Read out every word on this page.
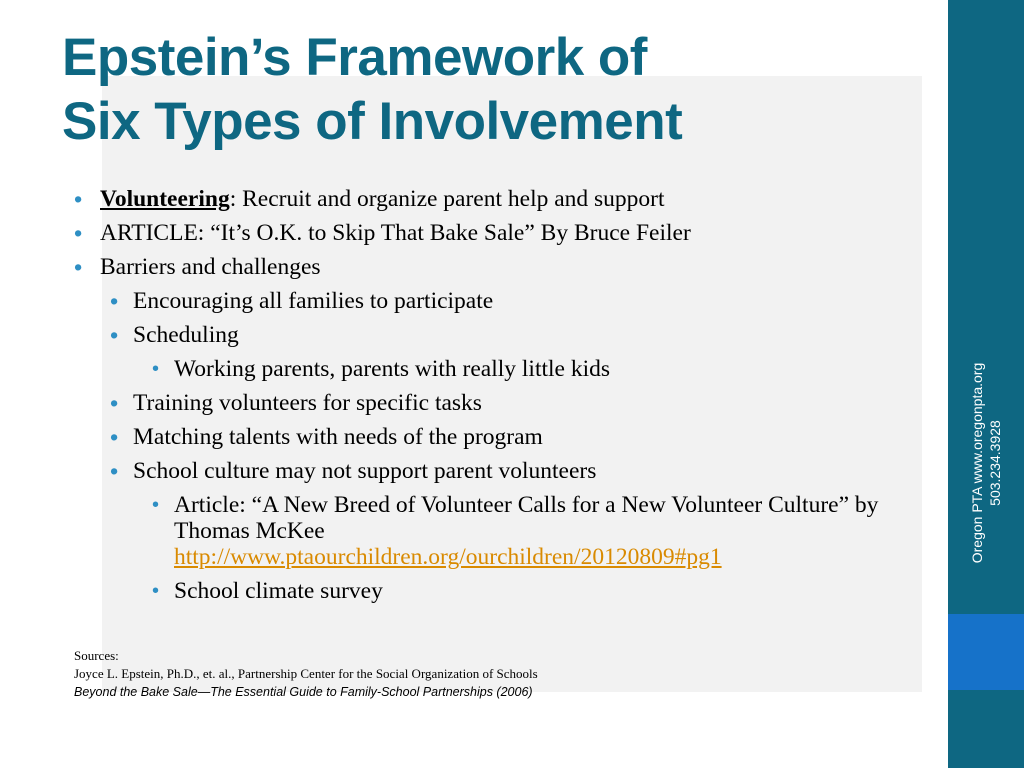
Oregon PTA www.oregonpta.org 503.234.3928
Epstein’s Framework of
Six Types of Involvement
• Volunteering: Recruit and organize parent help and support
• ARTICLE: “It’s O.K. to Skip That Bake Sale” By Bruce Feiler
• Barriers and challenges
• Encouraging all families to participate
• Scheduling
• Working parents, parents with really little kids
• Training volunteers for specific tasks
• Matching talents with needs of the program
• School culture may not support parent volunteers
• Article: “A New Breed of Volunteer Calls for a New Volunteer Culture” by Thomas McKee
http://www.ptaourchildren.org/ourchildren/20120809#pg1
• School climate survey
Sources:
Joyce L. Epstein, Ph.D., et. al., Partnership Center for the Social Organization of Schools
Beyond the Bake Sale—The Essential Guide to Family-School Partnerships (2006)
